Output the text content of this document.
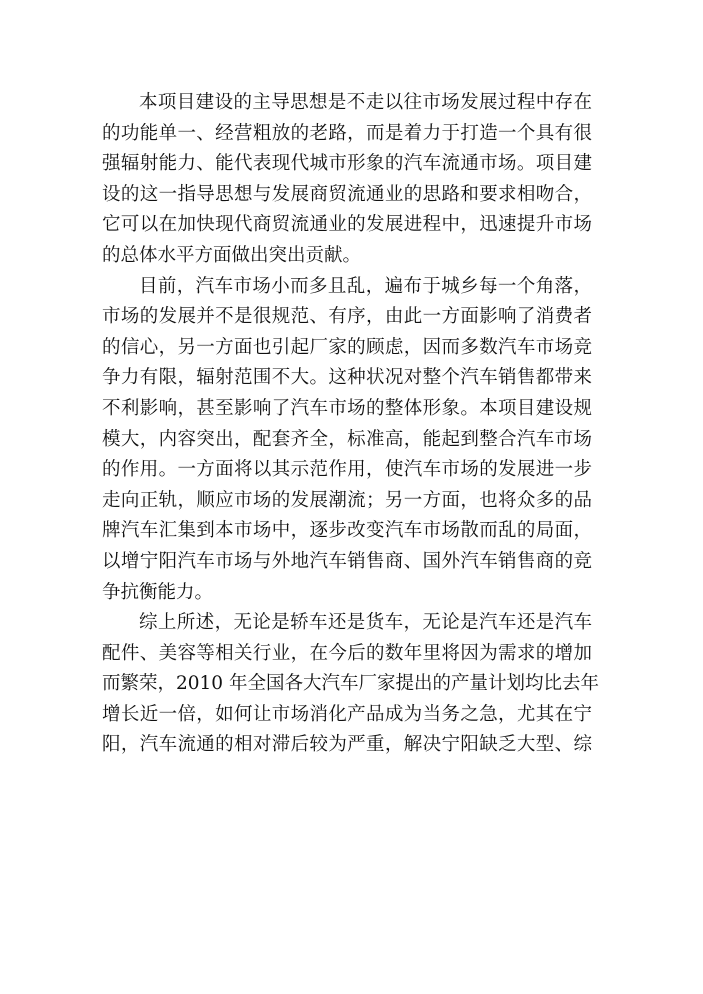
本项目建设的主导思想是不走以往市场发展过程中存在
的功能单一、经营粗放的老路，而是着力于打造一个具有很
强辐射能力、能代表现代城市形象的汽车流通市场。项目建
设的这一指导思想与发展商贸流通业的思路和要求相吻合，
它可以在加快现代商贸流通业的发展进程中，迅速提升市场
的总体水平方面做出突出贡献。

目前，汽车市场小而多且乱，遍布于城乡每一个角落，
市场的发展并不是很规范、有序，由此一方面影响了消费者
的信心，另一方面也引起厂家的顾虑，因而多数汽车市场竞
争力有限，辐射范围不大。这种状况对整个汽车销售都带来
不利影响，甚至影响了汽车市场的整体形象。本项目建设规
模大，内容突出，配套齐全，标准高，能起到整合汽车市场
的作用。一方面将以其示范作用，使汽车市场的发展进一步
走向正轨，顺应市场的发展潮流；另一方面，也将众多的品
牌汽车汇集到本市场中，逐步改变汽车市场散而乱的局面，
以增宁阳汽车市场与外地汽车销售商、国外汽车销售商的竞
争抗衡能力。

综上所述，无论是轿车还是货车，无论是汽车还是汽车
配件、美容等相关行业，在今后的数年里将因为需求的增加
而繁荣，2010 年全国各大汽车厂家提出的产量计划均比去年
增长近一倍，如何让市场消化产品成为当务之急，尤其在宁
阳，汽车流通的相对滞后较为严重，解决宁阳缺乏大型、综
